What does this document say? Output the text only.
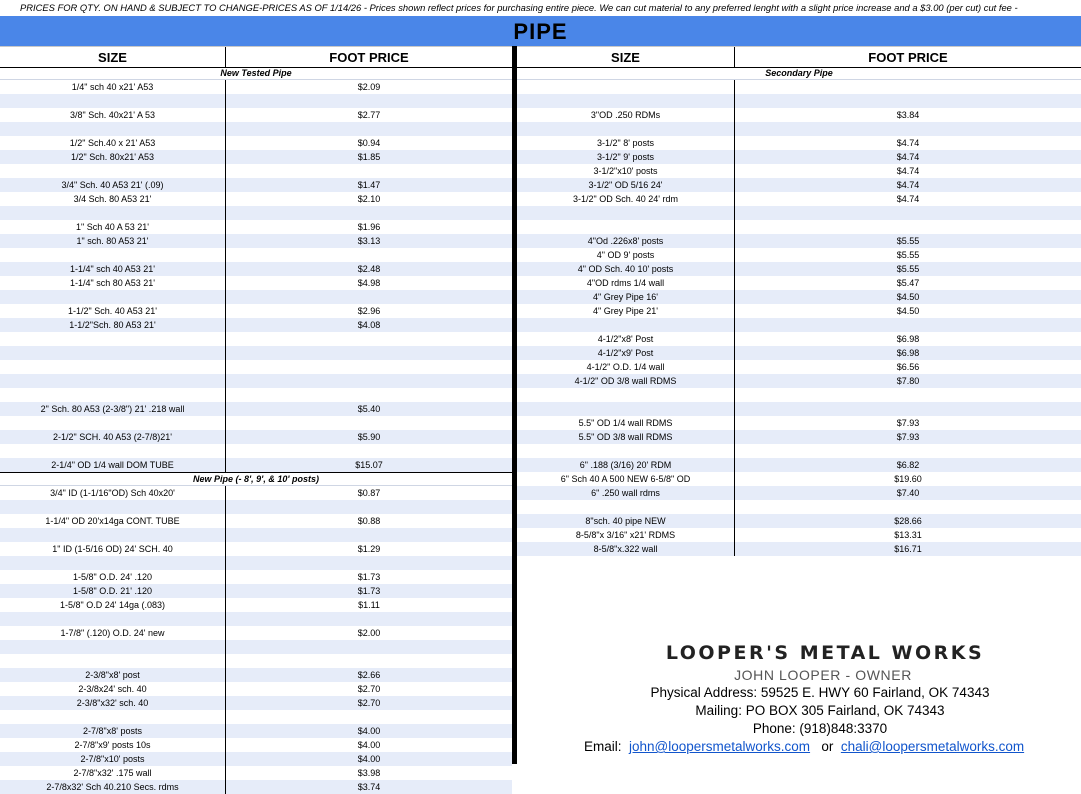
PRICES FOR QTY. ON HAND & SUBJECT TO CHANGE-PRICES AS OF 1/14/26 - Prices shown reflect prices for purchasing entire piece. We can cut material to any preferred lenght with a slight price increase and a $3.00 (per cut) cut fee -
PIPE
SIZE	FOOT PRICE
New Tested Pipe
1/4" sch 40 x21' A53	$2.09
3/8" Sch. 40x21' A 53	$2.77
1/2" Sch.40 x 21' A53	$0.94
1/2" Sch. 80x21' A53	$1.85
3/4" Sch. 40 A53 21' (.09)	$1.47
3/4 Sch. 80 A53 21'	$2.10
1" Sch 40 A 53 21'	$1.96
1" sch. 80 A53 21'	$3.13
1-1/4" sch 40 A53 21'	$2.48
1-1/4" sch 80 A53 21'	$4.98
1-1/2" Sch. 40 A53 21'	$2.96
1-1/2"Sch. 80 A53 21'	$4.08
2" Sch. 80 A53 (2-3/8") 21' .218 wall	$5.40
2-1/2" SCH. 40 A53 (2-7/8)21'	$5.90
2-1/4" OD 1/4 wall DOM TUBE	$15.07
New Pipe (- 8', 9', & 10' posts)
3/4" ID (1-1/16"OD) Sch 40x20'	$0.87
1-1/4" OD 20'x14ga CONT. TUBE	$0.88
1" ID (1-5/16 OD) 24' SCH. 40	$1.29
1-5/8" O.D. 24' .120	$1.73
1-5/8" O.D. 21' .120	$1.73
1-5/8" O.D 24' 14ga (.083)	$1.11
1-7/8" (.120) O.D. 24' new	$2.00
2-3/8"x8' post	$2.66
2-3/8x24' sch. 40	$2.70
2-3/8"x32' sch. 40	$2.70
2-7/8"x8' posts	$4.00
2-7/8"x9' posts 10s	$4.00
2-7/8"x10' posts	$4.00
2-7/8"x32' .175 wall	$3.98
2-7/8x32' Sch 40.210 Secs. rdms	$3.74
SIZE	FOOT PRICE
Secondary Pipe
3"OD .250 RDMs	$3.84
3-1/2" 8' posts	$4.74
3-1/2" 9' posts	$4.74
3-1/2"x10' posts	$4.74
3-1/2" OD 5/16 24'	$4.74
3-1/2" OD Sch. 40 24' rdm	$4.74
4"Od .226x8' posts	$5.55
4" OD 9' posts	$5.55
4" OD Sch. 40 10' posts	$5.55
4"OD rdms 1/4 wall	$5.47
4" Grey Pipe 16'	$4.50
4" Grey Pipe 21'	$4.50
4-1/2"x8' Post	$6.98
4-1/2"x9' Post	$6.98
4-1/2" O.D. 1/4 wall	$6.56
4-1/2" OD 3/8 wall RDMS	$7.80
5.5" OD 1/4 wall RDMS	$7.93
5.5" OD 3/8 wall RDMS	$7.93
6" .188 (3/16) 20' RDM	$6.82
6" Sch 40 A 500 NEW 6-5/8" OD	$19.60
6" .250 wall rdms	$7.40
8"sch. 40 pipe NEW	$28.66
8-5/8"x 3/16" x21' RDMS	$13.31
8-5/8"x.322 wall	$16.71
LOOPER'S METAL WORKS
JOHN LOOPER - OWNER
Physical Address: 59525 E. HWY 60 Fairland, OK 74343
Mailing: PO BOX 305 Fairland, OK 74343
Phone: (918)848:3370
Email: john@loopersmetalworks.com or chali@loopersmetalworks.com
